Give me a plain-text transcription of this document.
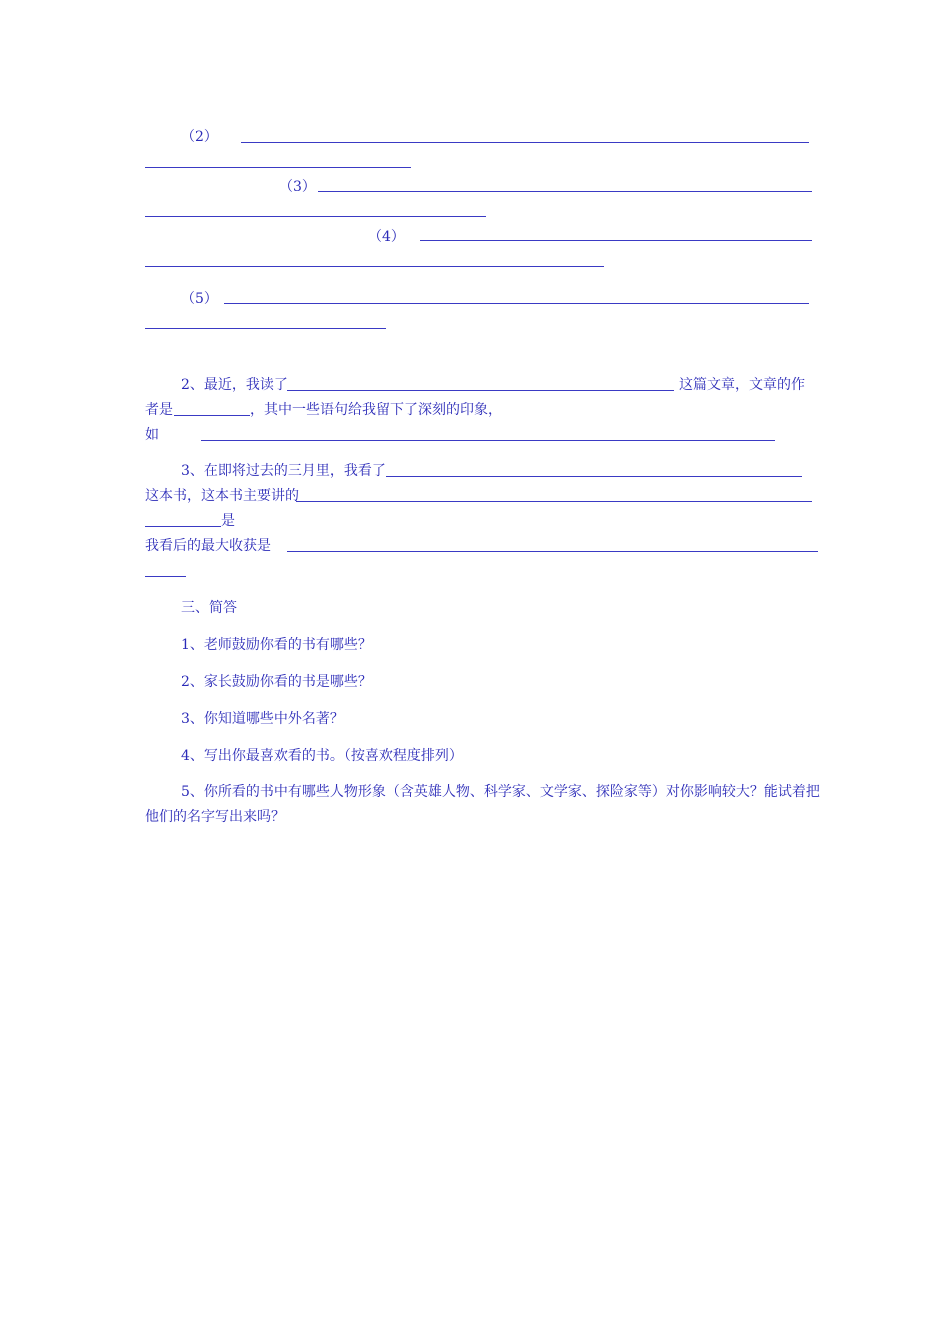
（2）
（3）
（4）
（5）
2、最近，我读了	这篇文章，文章的作
者是	，其中一些语句给我留下了深刻的印象，
如
3、在即将过去的三月里，我看了
这本书，这本书主要讲的
是
我看后的最大收获是
三、简答
1、老师鼓励你看的书有哪些？
2、家长鼓励你看的书是哪些？
3、你知道哪些中外名著？
4、写出你最喜欢看的书。（按喜欢程度排列）
5、你所看的书中有哪些人物形象（含英雄人物、科学家、文学家、探险家等）对你影响较大？能试着把
他们的名字写出来吗？
